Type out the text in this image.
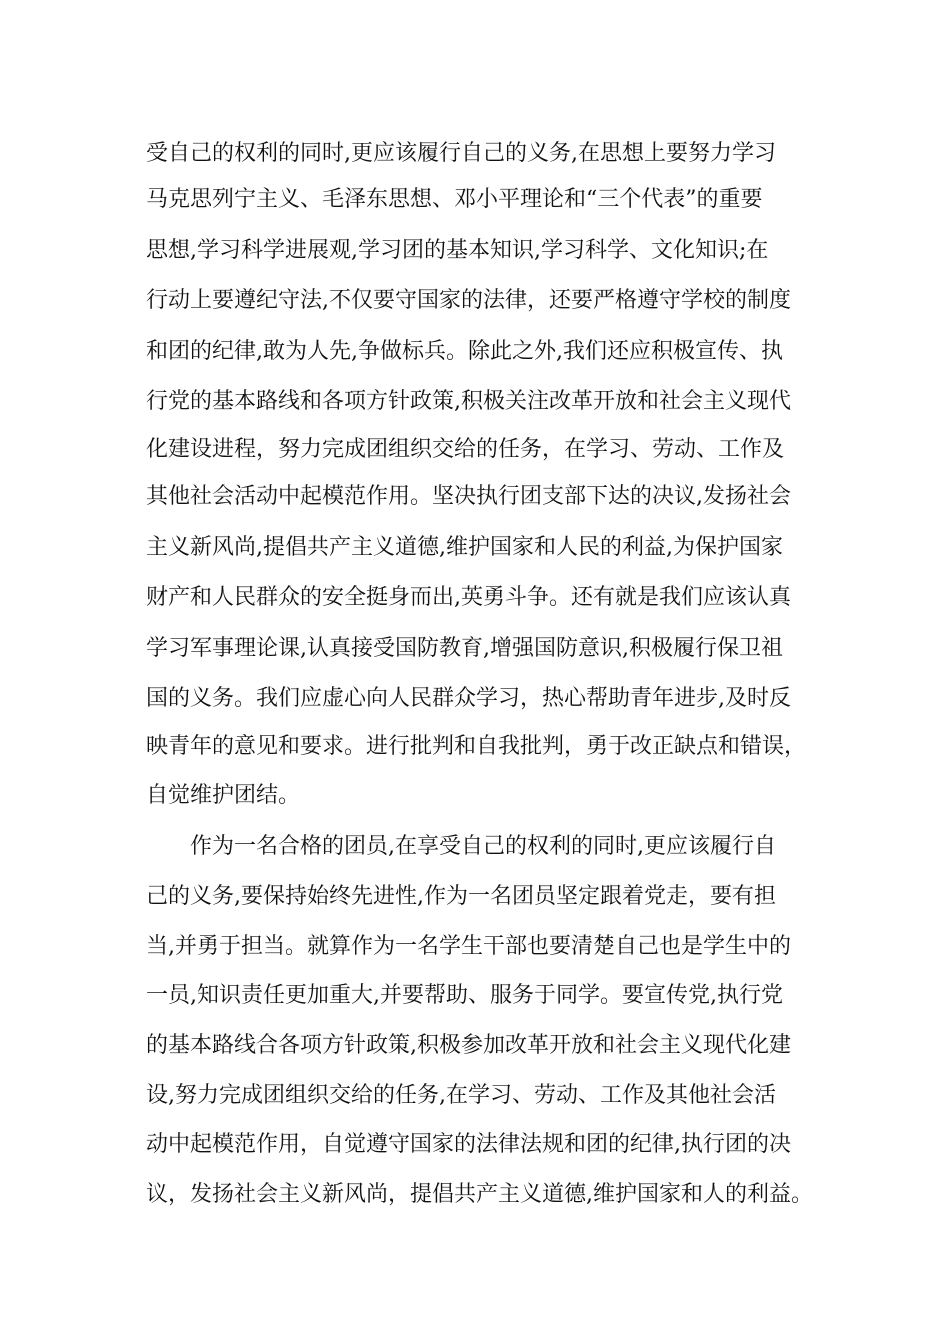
受自己的权利的同时,更应该履行自己的义务,在思想上要努力学习
马克思列宁主义、毛泽东思想、邓小平理论和“三个代表”的重要
思想,学习科学进展观,学习团的基本知识,学习科学、文化知识;在
行动上要遵纪守法,不仅要守国家的法律，还要严格遵守学校的制度
和团的纪律,敢为人先,争做标兵。除此之外,我们还应积极宣传、执
行党的基本路线和各项方针政策,积极关注改革开放和社会主义现代
化建设进程，努力完成团组织交给的任务，在学习、劳动、工作及
其他社会活动中起模范作用。坚决执行团支部下达的决议,发扬社会
主义新风尚,提倡共产主义道德,维护国家和人民的利益,为保护国家
财产和人民群众的安全挺身而出,英勇斗争。还有就是我们应该认真
学习军事理论课,认真接受国防教育,增强国防意识,积极履行保卫祖
国的义务。我们应虚心向人民群众学习，热心帮助青年进步,及时反
映青年的意见和要求。进行批判和自我批判，勇于改正缺点和错误，
自觉维护团结。
作为一名合格的团员,在享受自己的权利的同时,更应该履行自
己的义务,要保持始终先进性,作为一名团员坚定跟着党走，要有担
当,并勇于担当。就算作为一名学生干部也要清楚自己也是学生中的
一员,知识责任更加重大,并要帮助、服务于同学。要宣传党,执行党
的基本路线合各项方针政策,积极参加改革开放和社会主义现代化建
设,努力完成团组织交给的任务,在学习、劳动、工作及其他社会活
动中起模范作用，自觉遵守国家的法律法规和团的纪律,执行团的决
议，发扬社会主义新风尚，提倡共产主义道德,维护国家和人的利益。
